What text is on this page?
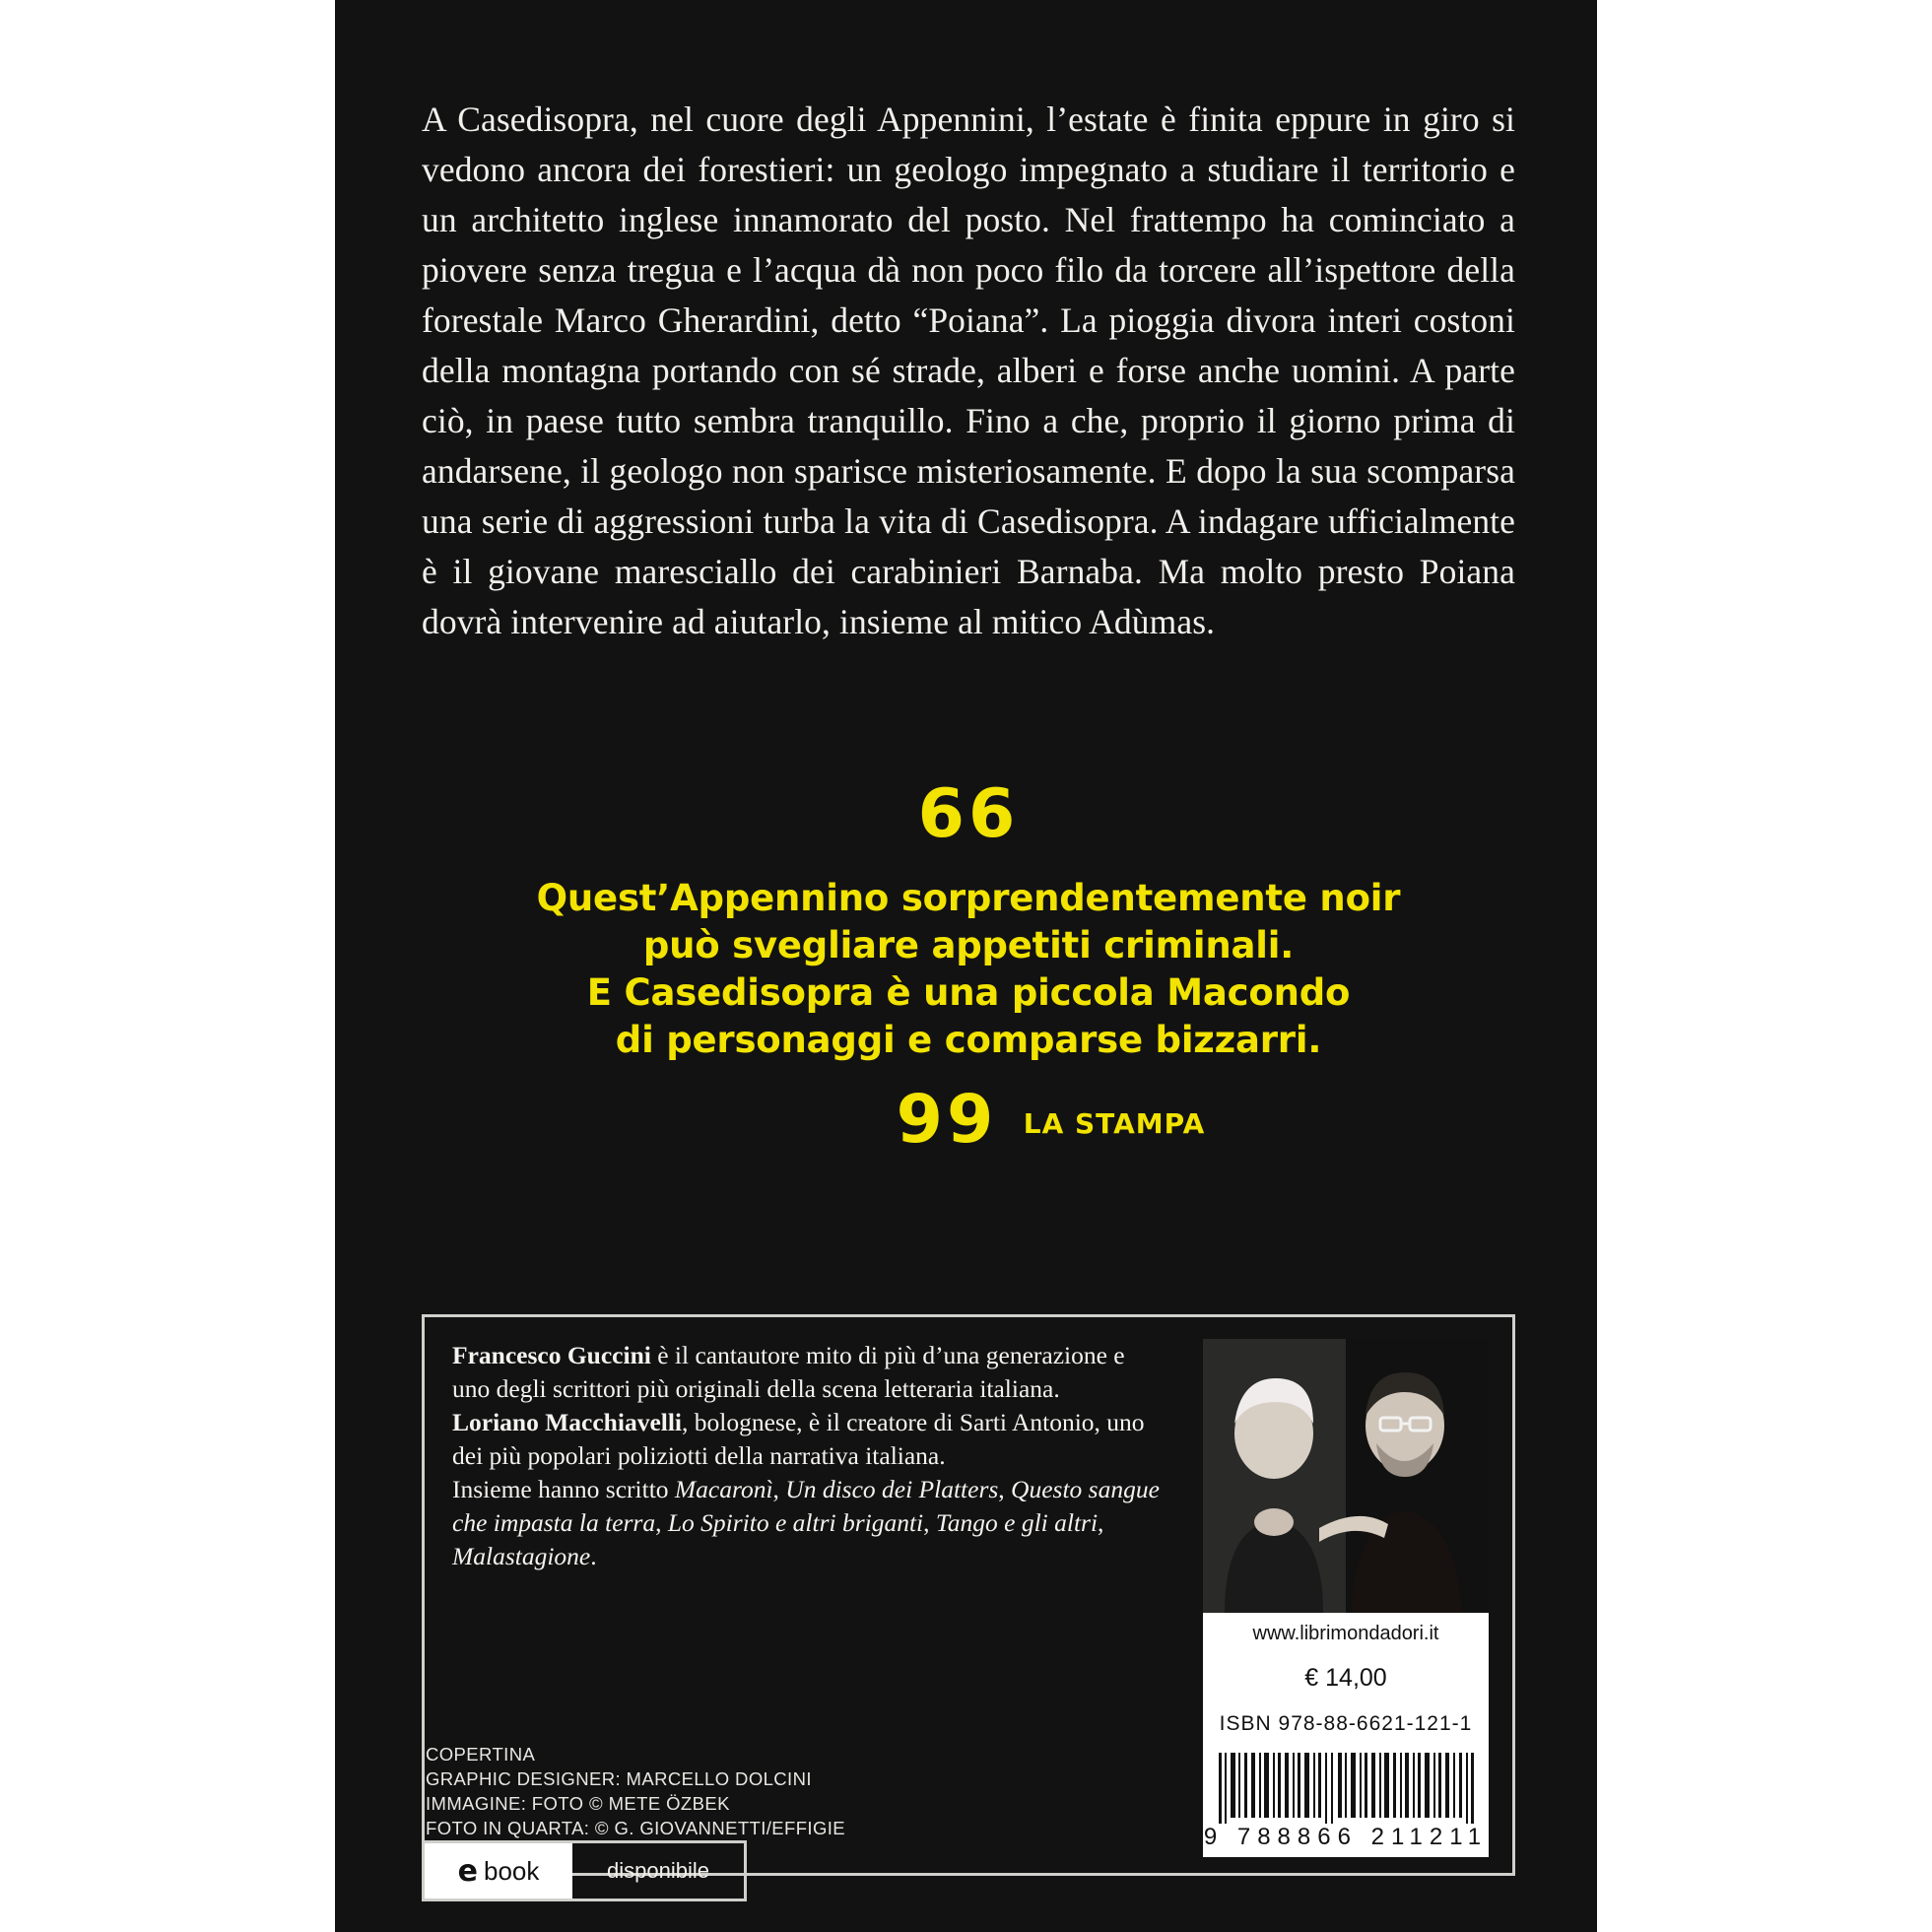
A Casedisopra, nel cuore degli Appennini, l’estate è finita eppure in giro si vedono ancora dei forestieri: un geologo impegnato a studiare il territorio e un architetto inglese innamorato del posto. Nel frattempo ha cominciato a piovere senza tregua e l’acqua dà non poco filo da torcere all’ispettore della forestale Marco Gherardini, detto “Poiana”. La pioggia divora interi costoni della montagna portando con sé strade, alberi e forse anche uomini. A parte ciò, in paese tutto sembra tranquillo. Fino a che, proprio il giorno prima di andarsene, il geologo non sparisce misteriosamente. E dopo la sua scomparsa una serie di aggressioni turba la vita di Casedisopra. A indagare ufficialmente è il giovane maresciallo dei carabinieri Barnaba. Ma molto presto Poiana dovrà intervenire ad aiutarlo, insieme al mitico Adùmas.
66
Quest’Appennino sorprendentemente noir
può svegliare appetiti criminali.
E Casedisopra è una piccola Macondo
di personaggi e comparse bizzarri.
99 LA STAMPA
Francesco Guccini è il cantautore mito di più d’una generazione e uno degli scrittori più originali della scena letteraria italiana.
Loriano Macchiavelli, bolognese, è il creatore di Sarti Antonio, uno dei più popolari poliziotti della narrativa italiana.
Insieme hanno scritto Macaronì, Un disco dei Platters, Questo sangue che impasta la terra, Lo Spirito e altri briganti, Tango e gli altri, Malastagione.
www.librimondadori.it
€ 14,00
ISBN 978-88-6621-121-1
9 788866 211211
COPERTINA
GRAPHIC DESIGNER: MARCELLO DOLCINI
IMMAGINE: FOTO © METE ÖZBEK
FOTO IN QUARTA: © G. GIOVANNETTI/EFFIGIE
e book	disponibile
